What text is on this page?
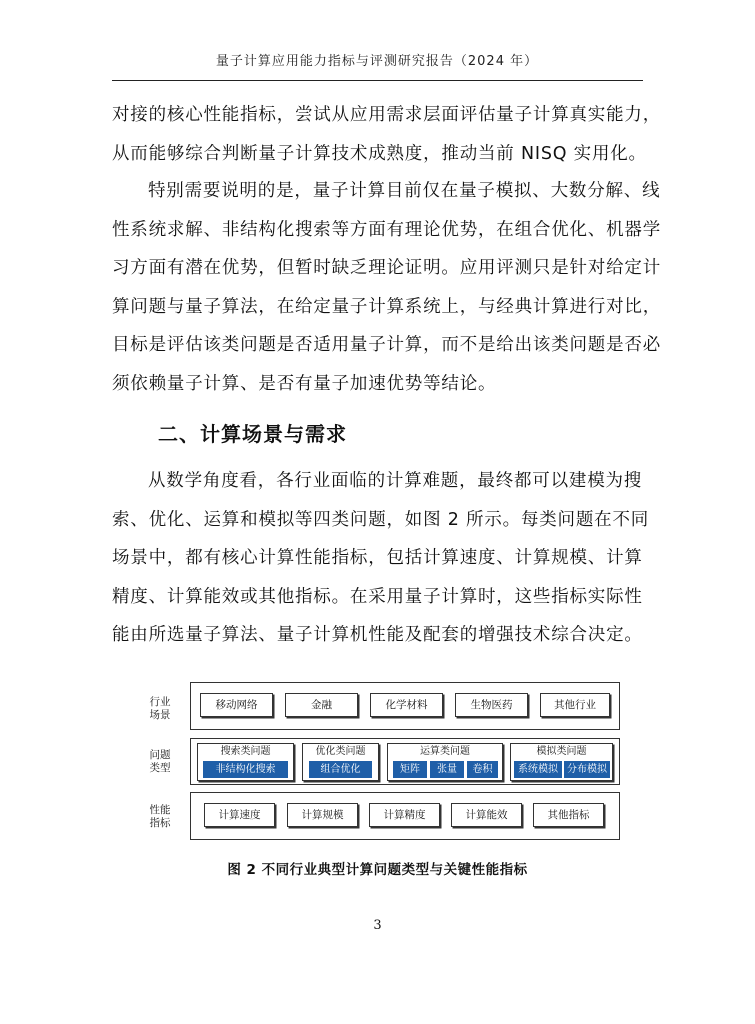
量子计算应用能力指标与评测研究报告（2024 年）

对接的核心性能指标，尝试从应用需求层面评估量子计算真实能力，
从而能够综合判断量子计算技术成熟度，推动当前 NISQ 实用化。

特别需要说明的是，量子计算目前仅在量子模拟、大数分解、线
性系统求解、非结构化搜索等方面有理论优势，在组合优化、机器学
习方面有潜在优势，但暂时缺乏理论证明。应用评测只是针对给定计
算问题与量子算法，在给定量子计算系统上，与经典计算进行对比，
目标是评估该类问题是否适用量子计算，而不是给出该类问题是否必
须依赖量子计算、是否有量子加速优势等结论。

二、计算场景与需求

从数学角度看，各行业面临的计算难题，最终都可以建模为搜
索、优化、运算和模拟等四类问题，如图 2 所示。每类问题在不同
场景中，都有核心计算性能指标，包括计算速度、计算规模、计算
精度、计算能效或其他指标。在采用量子计算时，这些指标实际性
能由所选量子算法、量子计算机性能及配套的增强技术综合决定。

行业
场景
移动网络	金融	化学材料	生物医药	其他行业
问题
类型
搜索类问题
非结构化搜索
优化类问题
组合优化
运算类问题
矩阵	张量	卷积
模拟类问题
系统模拟 分布模拟
性能
指标
计算速度	计算规模	计算精度	计算能效	其他指标
图 2 不同行业典型计算问题类型与关键性能指标
3
